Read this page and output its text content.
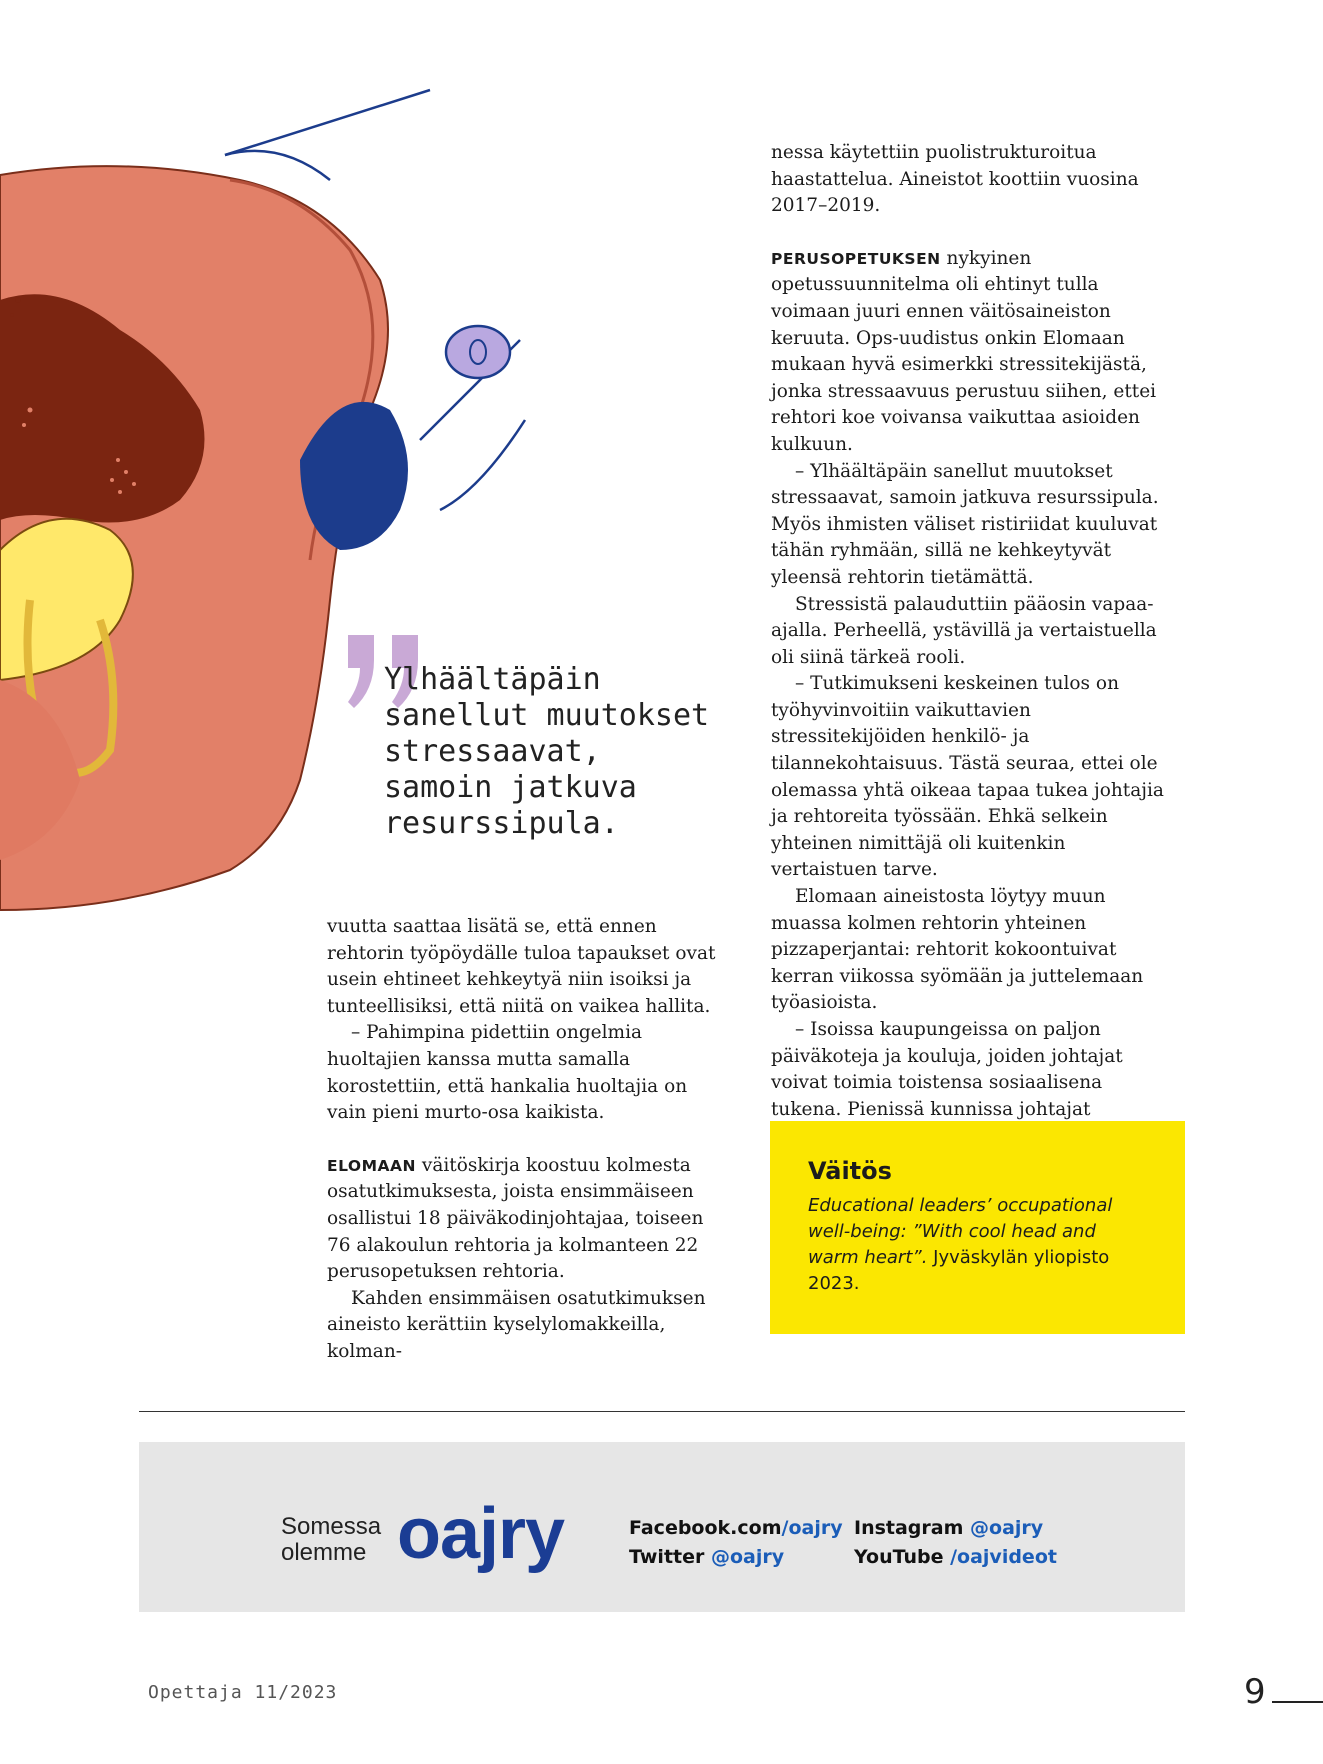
vuutta saattaa lisätä se, että ennen rehtorin työpöydälle tuloa tapaukset ovat usein ehtineet kehkeytyä niin isoiksi ja tunteellisiksi, että niitä on vaikea hallita.

– Pahimpina pidettiin ongelmia huoltajien kanssa mutta samalla korostettiin, että hankalia huoltajia on vain pieni murto-osa kaikista.

ELOMAAN väitöskirja koostuu kolmesta osatutkimuksesta, joista ensimmäiseen osallistui 18 päiväkodinjohtajaa, toiseen 76 alakoulun rehtoria ja kolmanteen 22 perusopetuksen rehtoria.

Kahden ensimmäisen osatutkimuksen aineisto kerättiin kyselylomakkeilla, kolman-

nessa käytettiin puolistrukturoitua haastattelua. Aineistot koottiin vuosina 2017–2019.

PERUSOPETUKSEN nykyinen opetussuunnitelma oli ehtinyt tulla voimaan juuri ennen väitösaineiston keruuta. Ops-uudistus onkin Elomaan mukaan hyvä esimerkki stressitekijästä, jonka stressaavuus perustuu siihen, ettei rehtori koe voivansa vaikuttaa asioiden kulkuun.

– Ylhäältäpäin sanellut muutokset stressaavat, samoin jatkuva resurssipula. Myös ihmisten väliset ristiriidat kuuluvat tähän ryhmään, sillä ne kehkeytyvät yleensä rehtorin tietämättä.

Stressistä palauduttiin pääosin vapaa-ajalla. Perheellä, ystävillä ja vertaistuella oli siinä tärkeä rooli.

– Tutkimukseni keskeinen tulos on työhyvinvoitiin vaikuttavien stressitekijöiden henkilö- ja tilannekohtaisuus. Tästä seuraa, ettei ole olemassa yhtä oikeaa tapaa tukea johtajia ja rehtoreita työssään. Ehkä selkein yhteinen nimittäjä oli kuitenkin vertaistuen tarve.

Elomaan aineistosta löytyy muun muassa kolmen rehtorin yhteinen pizzaperjantai: rehtorit kokoontuivat kerran viikossa syömään ja juttelemaan työasioista.

– Isoissa kaupungeissa on paljon päiväkoteja ja kouluja, joiden johtajat voivat toimia toistensa sosiaalisena tukena. Pienissä kunnissa johtajat

Ylhäältäpäin
sanellut muutokset
stressaavat,
samoin jatkuva
resurssipula.
Väitös
Educational leaders’ occupational well-being: ”With cool head and warm heart”. Jyväskylän yliopisto 2023.
Somessa
olemme oajry	Facebook.com/oajry
Twitter @oajry
Instagram @oajry
YouTube /oajvideot
Opettaja 11/2023	9
